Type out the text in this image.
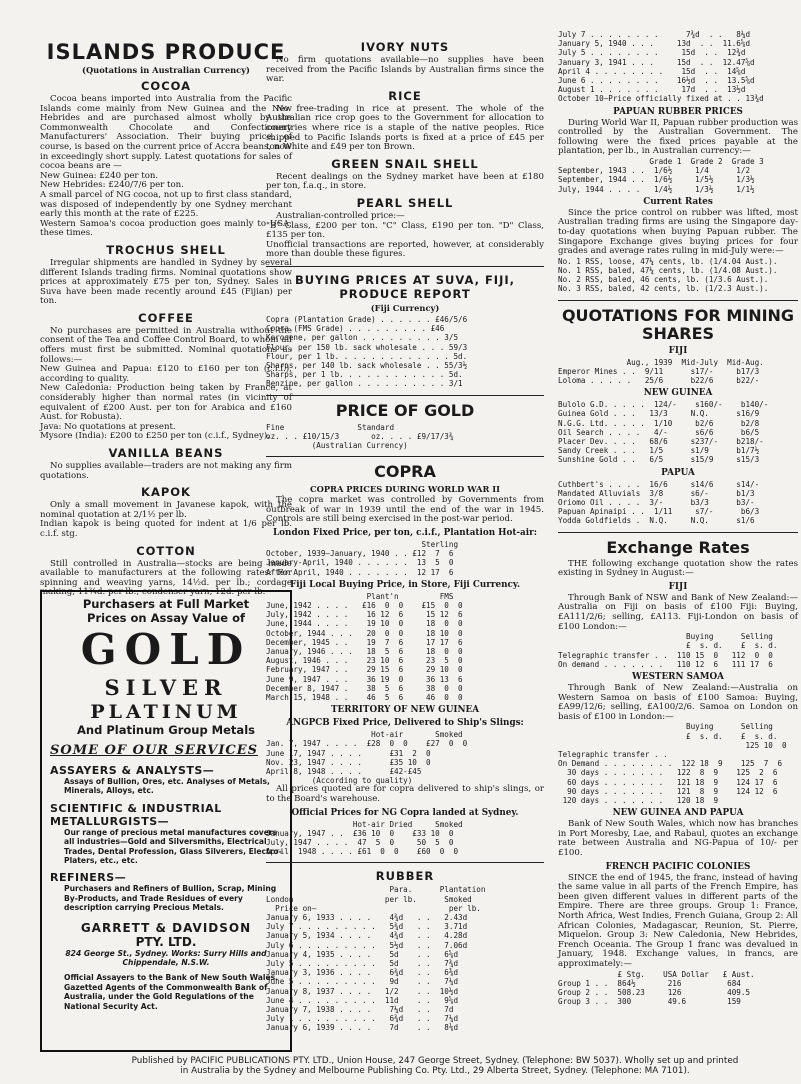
ISLANDS PRODUCE
(Quotations in Australian Currency)
COCOA
Cocoa beans imported into Australia from the Pacific Islands come mainly from New Guinea and the New Hebrides and are purchased almost wholly by the Commonwealth Chocolate and Confectionery Manufacturers' Association. Their buying price, of course, is based on the current price of Accra beans, now in exceedingly short supply. Latest quotations for sales of cocoa beans are —
New Guinea: £240 per ton.
New Hebrides: £240/7/6 per ton.
A small parcel of NG cocoa, not up to first class standard, was disposed of independently by one Sydney merchant early this month at the rate of £225.
Western Samoa's cocoa production goes mainly to USA, these times.
TROCHUS SHELL
Irregular shipments are handled in Sydney by several different Islands trading firms. Nominal quotations show prices at approximately £75 per ton, Sydney. Sales in Suva have been made recently around £45 (Fijian) per ton.
COFFEE
No purchases are permitted in Australia without the consent of the Tea and Coffee Control Board, to whom all offers must first be submitted. Nominal quotations as follows:—
New Guinea and Papua: £120 to £160 per ton (c.i.f.), according to quality.
New Caledonia: Production being taken by France, at considerably higher than normal rates (in vicinity of equivalent of £200 Aust. per ton for Arabica and £160 Aust. for Robusta).
Java: No quotations at present.
Mysore (India): £200 to £250 per ton (c.i.f., Sydney).
VANILLA BEANS
No supplies available—traders are not making any firm quotations.
KAPOK
Only a small movement in Javanese kapok, with the nominal quotation at 2/1½ per lb.
Indian kapok is being quoted for indent at 1/6 per lb. c.i.f. stg.
COTTON
Still controlled in Australia—stocks are being made available to manufacturers at the following rates: For spinning and weaving yarns, 14½d. per lb.; cordage making, 11¾d. per lb.; condenser yarn, 12d. per lb.
Purchasers at Full Market
Prices on Assay Value of
GOLD
SILVER
PLATINUM
And Platinum Group Metals
SOME OF OUR SERVICES
ASSAYERS & ANALYSTS—
Assays of Bullion, Ores, etc. Analyses of Metals, Minerals, Alloys, etc.
SCIENTIFIC & INDUSTRIAL METALLURGISTS—
Our range of precious metal manufactures covers all industries—Gold and Silversmiths, Electrical Trades, Dental Profession, Glass Silverers, Electro-Platers, etc., etc.
REFINERS—
Purchasers and Refiners of Bullion, Scrap, Mining By-Products, and Trade Residues of every description carrying Precious Metals.
GARRETT & DAVIDSON
PTY. LTD.
824 George St., Sydney. Works: Surry Hills and Chippendale, N.S.W.
Official Assayers to the Bank of New South Wales. Gazetted Agents of the Commonwealth Bank of Australia, under the Gold Regulations of the National Security Act.
IVORY NUTS
No firm quotations available—no supplies have been received from the Pacific Islands by Australian firms since the war.
RICE
No free-trading in rice at present. The whole of the Australian rice crop goes to the Government for allocation to countries where rice is a staple of the native peoples. Rice shipped to Pacific Islands ports is fixed at a price of £45 per ton White and £49 per ton Brown.
GREEN SNAIL SHELL
Recent dealings on the Sydney market have been at £180 per ton, f.a.q., in store.
PEARL SHELL
Australian-controlled price:—
"B" Class, £200 per ton. "C" Class, £190 per ton. "D" Class, £135 per ton.
Unofficial transactions are reported, however, at considerably more than double these figures.
BUYING PRICES AT SUVA, FIJI, PRODUCE REPORT
(Fiji Currency)
Copra (Plantation Grade) . . . . . . £46/5/6
Copra (FMS Grade) . . . . . . . . . £46
Kerosene, per gallon . . . . . . . . . 3/5
Flour, per 150 lb. sack wholesale . . . 59/3
Flour, per 1 lb. . . . . . . . . . . . . 5d.
Sharps, per 140 lb. sack wholesale . . 55/3½
Sharps, per 1 lb. . . . . . . . . . . . 5d.
Benzine, per gallon . . . . . . . . . . 3/1
PRICE OF GOLD
Fine                Standard
oz. . . £10/15/3       oz. . . . £9/17/3¾
(Australian Currency)
COPRA
COPRA PRICES DURING WORLD WAR II
The copra market was controlled by Governments from outbreak of war in 1939 until the end of the war in 1945. Controls are still being exercised in the post-war period.
London Fixed Price, per ton, c.i.f., Plantation Hot-air:
Sterling
October, 1939—January, 1940 . . £12  7  6
January-April, 1940 . . . . . .  13  5  0
After April, 1940 . . . . . . .  12 17  6
Fiji Local Buying Price, in Store, Fiji Currency.
Plant'n         FMS
June, 1942 . . . .   £16  0  0    £15  0  0
July, 1942 . . . .    16 12  6     15 12  6
June, 1944 . . . .    19 10  0     18  0  0
October, 1944 . . .   20  0  0     18 10  0
December, 1945 . .    19  7  6     17 17  6
January, 1946 . . .   18  5  6     18  0  0
August, 1946 . . .    23 10  6     23  5  0
February, 1947 . .    29 15  6     29 10  0
June 9, 1947 . . .    36 19  0     36 13  6
December 8, 1947 .    38  5  6     38  0  0
March 15, 1948 . .    46  5  6     46  0  0
TERRITORY OF NEW GUINEA
ANGPCB Fixed Price, Delivered to Ship's Slings:
Hot-air       Smoked
Jan. 7, 1947 . . . .  £28  0  0    £27  0  0
June 17, 1947 . . . .      £31  2  0
Nov. 23, 1947 . . . .      £35 10  0
April 8, 1948 . . . .      £42-£45
(According to quality)
All prices quoted are for copra delivered to ship's slings, or to the Board's warehouse.
Official Prices for NG Copra landed at Sydney.
Hot-air Dried     Smoked
January, 1947 . .  £36 10  0    £33 10  0
July, 1947 . . . .  47  5  0     50  5  0
April, 1948 . . . . £61  0  0    £60  0  0
RUBBER
Para.      Plantation
London                    per lb.      Smoked
Price on—                             per lb.
January 6, 1933 . . . .    4¾d   . .   2.43d
July 7 . . . . . . . . .   5¾d   . .   3.71d
January 5, 1934 . . . .    4¾d   . .   4.28d
July 6 . . . . . . . . .   5½d   . .   7.06d
January 4, 1935 . . . .    5d    . .   6⅝d
July 5 . . . . . . . . .   5d    . .   7¾d
January 3, 1936 . . . .    6¾d   . .   6⅜d
June 5 . . . . . . . . .   9d    . .   7¼d
January 8, 1937 . . . .   1/2    . .  10½d
June 4 . . . . . . . . .  11d    . .   9⅝d
January 7, 1938 . . . .    7¼d   . .   7d
July 1 . . . . . . . . .   6¾d   . .   7¼d
January 6, 1939 . . . .    7d    . .   8⅛d
July 7 . . . . . . . .      7¾d  . .   8¼d
January 5, 1940 . . .     13d  . .  11.6⅝d
July 5 . . . . . . . .     15d  . .  12¾d
January 3, 1941 . . .     15d  . .  12.47⅝d
April 4 . . . . . . . .    15d  . .  14⅝d
June 6 . . . . . . . .    16½d  . .  13.5⅝d
August 1 . . . . . . .     17d  . .  13½d
October 10—Price officially fixed at . . 13¾d
PAPUAN RUBBER PRICES
During World War II, Papuan rubber production was controlled by the Australian Government. The following were the fixed prices payable at the plantation, per lb., in Australian currency:—
Grade 1  Grade 2  Grade 3
September, 1943 . .  1/6½     1/4      1/2
September, 1944 . .  1/6½     1/5½     1/3½
July, 1944 . . . .   1/4½     1/3½     1/1½
Current Rates
Since the price control on rubber was lifted, most Australian trading firms are using the Singapore day-to-day quotations when buying Papuan rubber. The Singapore Exchange gives buying prices for four grades and average rates ruling in mid-July were:—
No. 1 RSS, loose, 47¼ cents, lb. (1/4.04 Aust.).
No. 1 RSS, baled, 47¼ cents, lb. (1/4.08 Aust.).
No. 2 RSS, baled, 46 cents, lb. (1/3.6 Aust.).
No. 3 RSS, baled, 42 cents, lb. (1/2.3 Aust.).
QUOTATIONS FOR MINING SHARES
FIJI
Aug., 1939  Mid-July  Mid-Aug.
Emperor Mines . .  9/11      s17/-     b17/3
Loloma . . . . .   25/6      b22/6     b22/-
NEW GUINEA
Bulolo G.D. . . . .  124/-    s160/-    b140/-
Guinea Gold . . .   13/3     N.Q.      s16/9
N.G.G. Ltd. . . . .  1/10     b2/6      b2/8
Oil Search . . . .   4/-      s6/6      b6/5
Placer Dev. . . .   68/6     s237/-    b218/-
Sandy Creek . . .   1/5      s1/9      b1/7½
Sunshine Gold . .   6/5      s15/9     s15/3
PAPUA
Cuthbert's . . . .  16/6     s14/6     s14/-
Mandated Alluvials  3/8      s6/-      b1/3
Oriomo Oil . . . .  3/-      b3/3      b3/-
Papuan Apinaipi . .  1/11     s7/-      b6/3
Yodda Goldfields .  N.Q.     N.Q.      s1/6
Exchange Rates
THE following exchange quotation show the rates existing in Sydney in August:—
FIJI
Through Bank of NSW and Bank of New Zealand:—Australia on Fiji on basis of £100 Fiji: Buying, £A111/2/6; selling, £A113. Fiji-London on basis of £100 London:—
Buying      Selling
£  s. d.    £  s. d.
Telegraphic transfer . .  110 15  0   112  0  0
On demand . . . . . . .   110 12  6   111 17  6
WESTERN SAMOA
Through Bank of New Zealand:—Australia on Western Samoa on basis of £100 Samoa: Buying, £A99/12/6; selling, £A100/2/6. Samoa on London on basis of £100 in London:—
Buying      Selling
£  s. d.    £  s. d.
125 10  0
Telegraphic transfer . .
On Demand . . . . . . . .  122 18  9    125  7  6
30 days . . . . . . .   122  8  9    125  2  6
60 days . . . . . . .   121 18  9    124 17  6
90 days . . . . . . .   121  8  9    124 12  6
120 days . . . . . . .   120 18  9
NEW GUINEA AND PAPUA
Bank of New South Wales, which now has branches in Port Moresby, Lae, and Rabaul, quotes an exchange rate between Australia and NG-Papua of 10/- per £100.
FRENCH PACIFIC COLONIES
SINCE the end of 1945, the franc, instead of having the same value in all parts of the French Empire, has been given different values in different parts of the Empire. There are three groups. Group 1: France, North Africa, West Indies, French Guiana, Group 2: All African Colonies, Madagascar, Reunion, St. Pierre, Miquelon. Group 3: New Caledonia, New Hebrides, French Oceania. The Group 1 franc was devalued in January, 1948. Exchange values, in francs, are approximately:—
£ Stg.    USA Dollar   £ Aust.
Group 1 . .  864½       216          684
Group 2 . .  508.23     126          409.5
Group 3 . .  300        49.6         159
Published by PACIFIC PUBLICATIONS PTY. LTD., Union House, 247 George Street, Sydney. (Telephone: BW 5037). Wholly set up and printed
in Australia by the Sydney and Melbourne Publishing Co. Pty. Ltd., 29 Alberta Street, Sydney. (Telephone: MA 7101).
